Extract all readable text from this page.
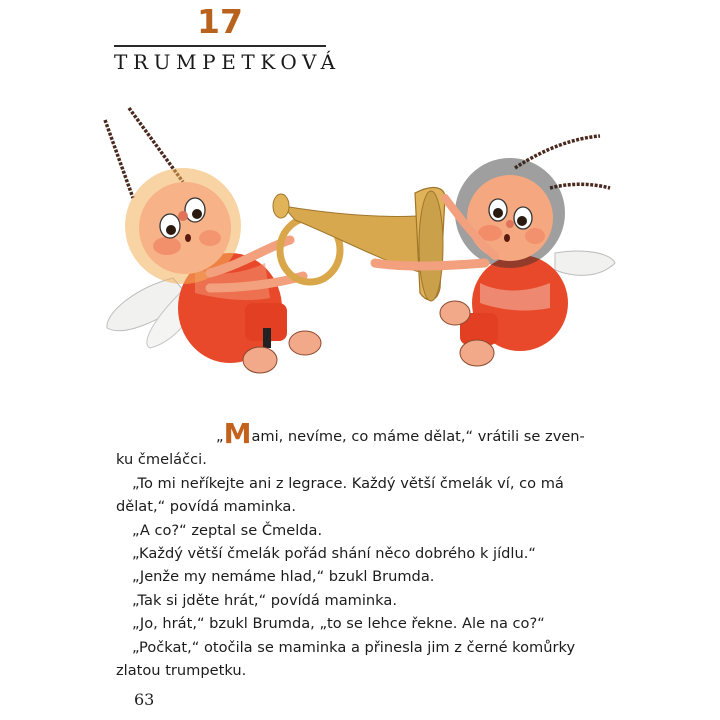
17
TRUMPETKOVÁ

„Mami, nevíme, co máme dělat,“ vrátili se zven-

ku čmeláčci.

„To mi neříkejte ani z legrace. Každý větší čmelák ví, co má

dělat,“ povídá maminka.

„A co?“ zeptal se Čmelda.

„Každý větší čmelák pořád shání něco dobrého k jídlu.“

„Jenže my nemáme hlad,“ bzukl Brumda.

„Tak si jděte hrát,“ povídá maminka.

„Jo, hrát,“ bzukl Brumda, „to se lehce řekne. Ale na co?“

„Počkat,“ otočila se maminka a přinesla jim z černé komůrky

zlatou trumpetku.

63
